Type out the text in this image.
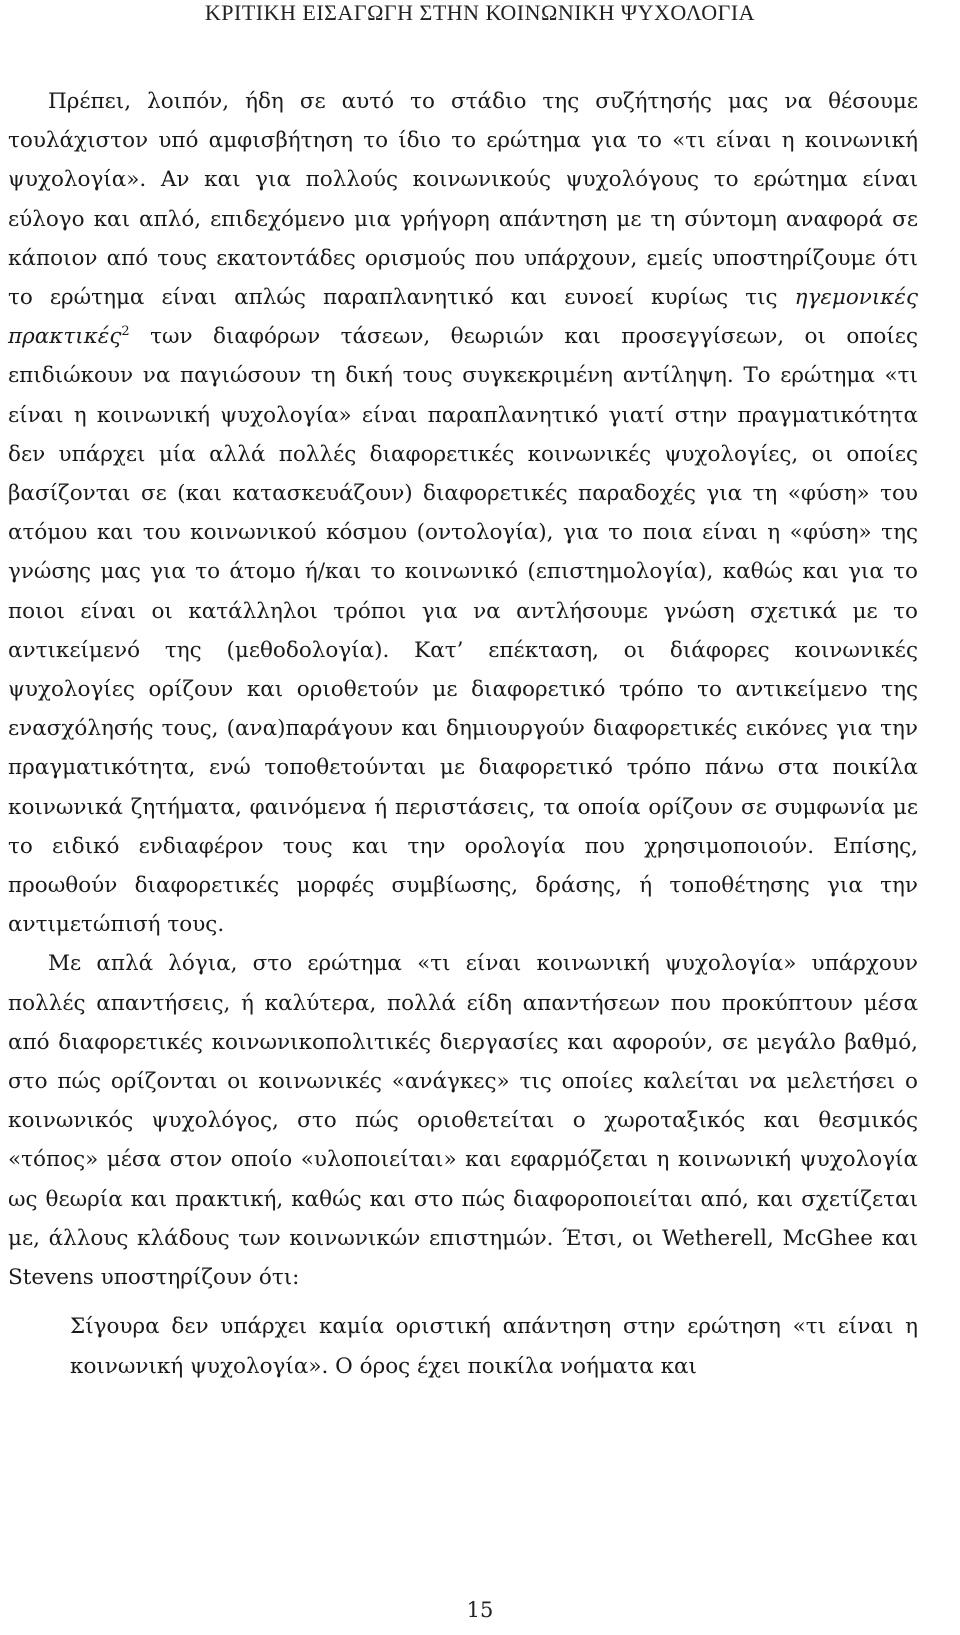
ΚΡΙΤΙΚΗ ΕΙΣΑΓΩΓΗ ΣΤΗΝ ΚΟΙΝΩΝΙΚΗ ΨΥΧΟΛΟΓΙΑ

Πρέπει, λοιπόν, ήδη σε αυτό το στάδιο της συζήτησής μας να θέσουμε τουλάχιστον υπό αμφισβήτηση το ίδιο το ερώτημα για το «τι είναι η κοινωνική ψυχολογία». Αν και για πολλούς κοινωνικούς ψυχολόγους το ερώτημα είναι εύλογο και απλό, επιδεχόμενο μια γρήγορη απάντηση με τη σύντομη αναφορά σε κάποιον από τους εκατοντάδες ορισμούς που υπάρχουν, εμείς υποστηρίζουμε ότι το ερώτημα είναι απλώς παραπλανητικό και ευνοεί κυρίως τις ηγεμονικές πρακτικές$^2$ των διαφόρων τάσεων, θεωριών και προσεγγίσεων, οι οποίες επιδιώκουν να παγιώσουν τη δική τους συγκεκριμένη αντίληψη. Το ερώτημα «τι είναι η κοινωνική ψυχολογία» είναι παραπλανητικό γιατί στην πραγματικότητα δεν υπάρχει μία αλλά πολλές διαφορετικές κοινωνικές ψυχολογίες, οι οποίες βασίζονται σε (και κατασκευάζουν) διαφορετικές παραδοχές για τη «φύση» του ατόμου και του κοινωνικού κόσμου (οντολογία), για το ποια είναι η «φύση» της γνώσης μας για το άτομο ή/και το κοινωνικό (επιστημολογία), καθώς και για το ποιοι είναι οι κατάλληλοι τρόποι για να αντλήσουμε γνώση σχετικά με το αντικείμενό της (μεθοδολογία). Κατ’ επέκταση, οι διάφορες κοινωνικές ψυχολογίες ορίζουν και οριοθετούν με διαφορετικό τρόπο το αντικείμενο της ενασχόλησής τους, (ανα)παράγουν και δημιουργούν διαφορετικές εικόνες για την πραγματικότητα, ενώ τοποθετούνται με διαφορετικό τρόπο πάνω στα ποικίλα κοινωνικά ζητήματα, φαινόμενα ή περιστάσεις, τα οποία ορίζουν σε συμφωνία με το ειδικό ενδιαφέρον τους και την ορολογία που χρησιμοποιούν. Επίσης, προωθούν διαφορετικές μορφές συμβίωσης, δράσης, ή τοποθέτησης για την αντιμετώπισή τους.

Με απλά λόγια, στο ερώτημα «τι είναι κοινωνική ψυχολογία» υπάρχουν πολλές απαντήσεις, ή καλύτερα, πολλά είδη απαντήσεων που προκύπτουν μέσα από διαφορετικές κοινωνικοπολιτικές διεργασίες και αφορούν, σε μεγάλο βαθμό, στο πώς ορίζονται οι κοινωνικές «ανάγκες» τις οποίες καλείται να μελετήσει ο κοινωνικός ψυχολόγος, στο πώς οριοθετείται ο χωροταξικός και θεσμικός «τόπος» μέσα στον οποίο «υλοποιείται» και εφαρμόζεται η κοινωνική ψυχολογία ως θεωρία και πρακτική, καθώς και στο πώς διαφοροποιείται από, και σχετίζεται με, άλλους κλάδους των κοινωνικών επιστημών. Έτσι, οι Wetherell, McGhee και Stevens υποστηρίζουν ότι:

Σίγουρα δεν υπάρχει καμία οριστική απάντηση στην ερώτηση «τι είναι η κοινωνική ψυχολογία». Ο όρος έχει ποικίλα νοήματα και

15
